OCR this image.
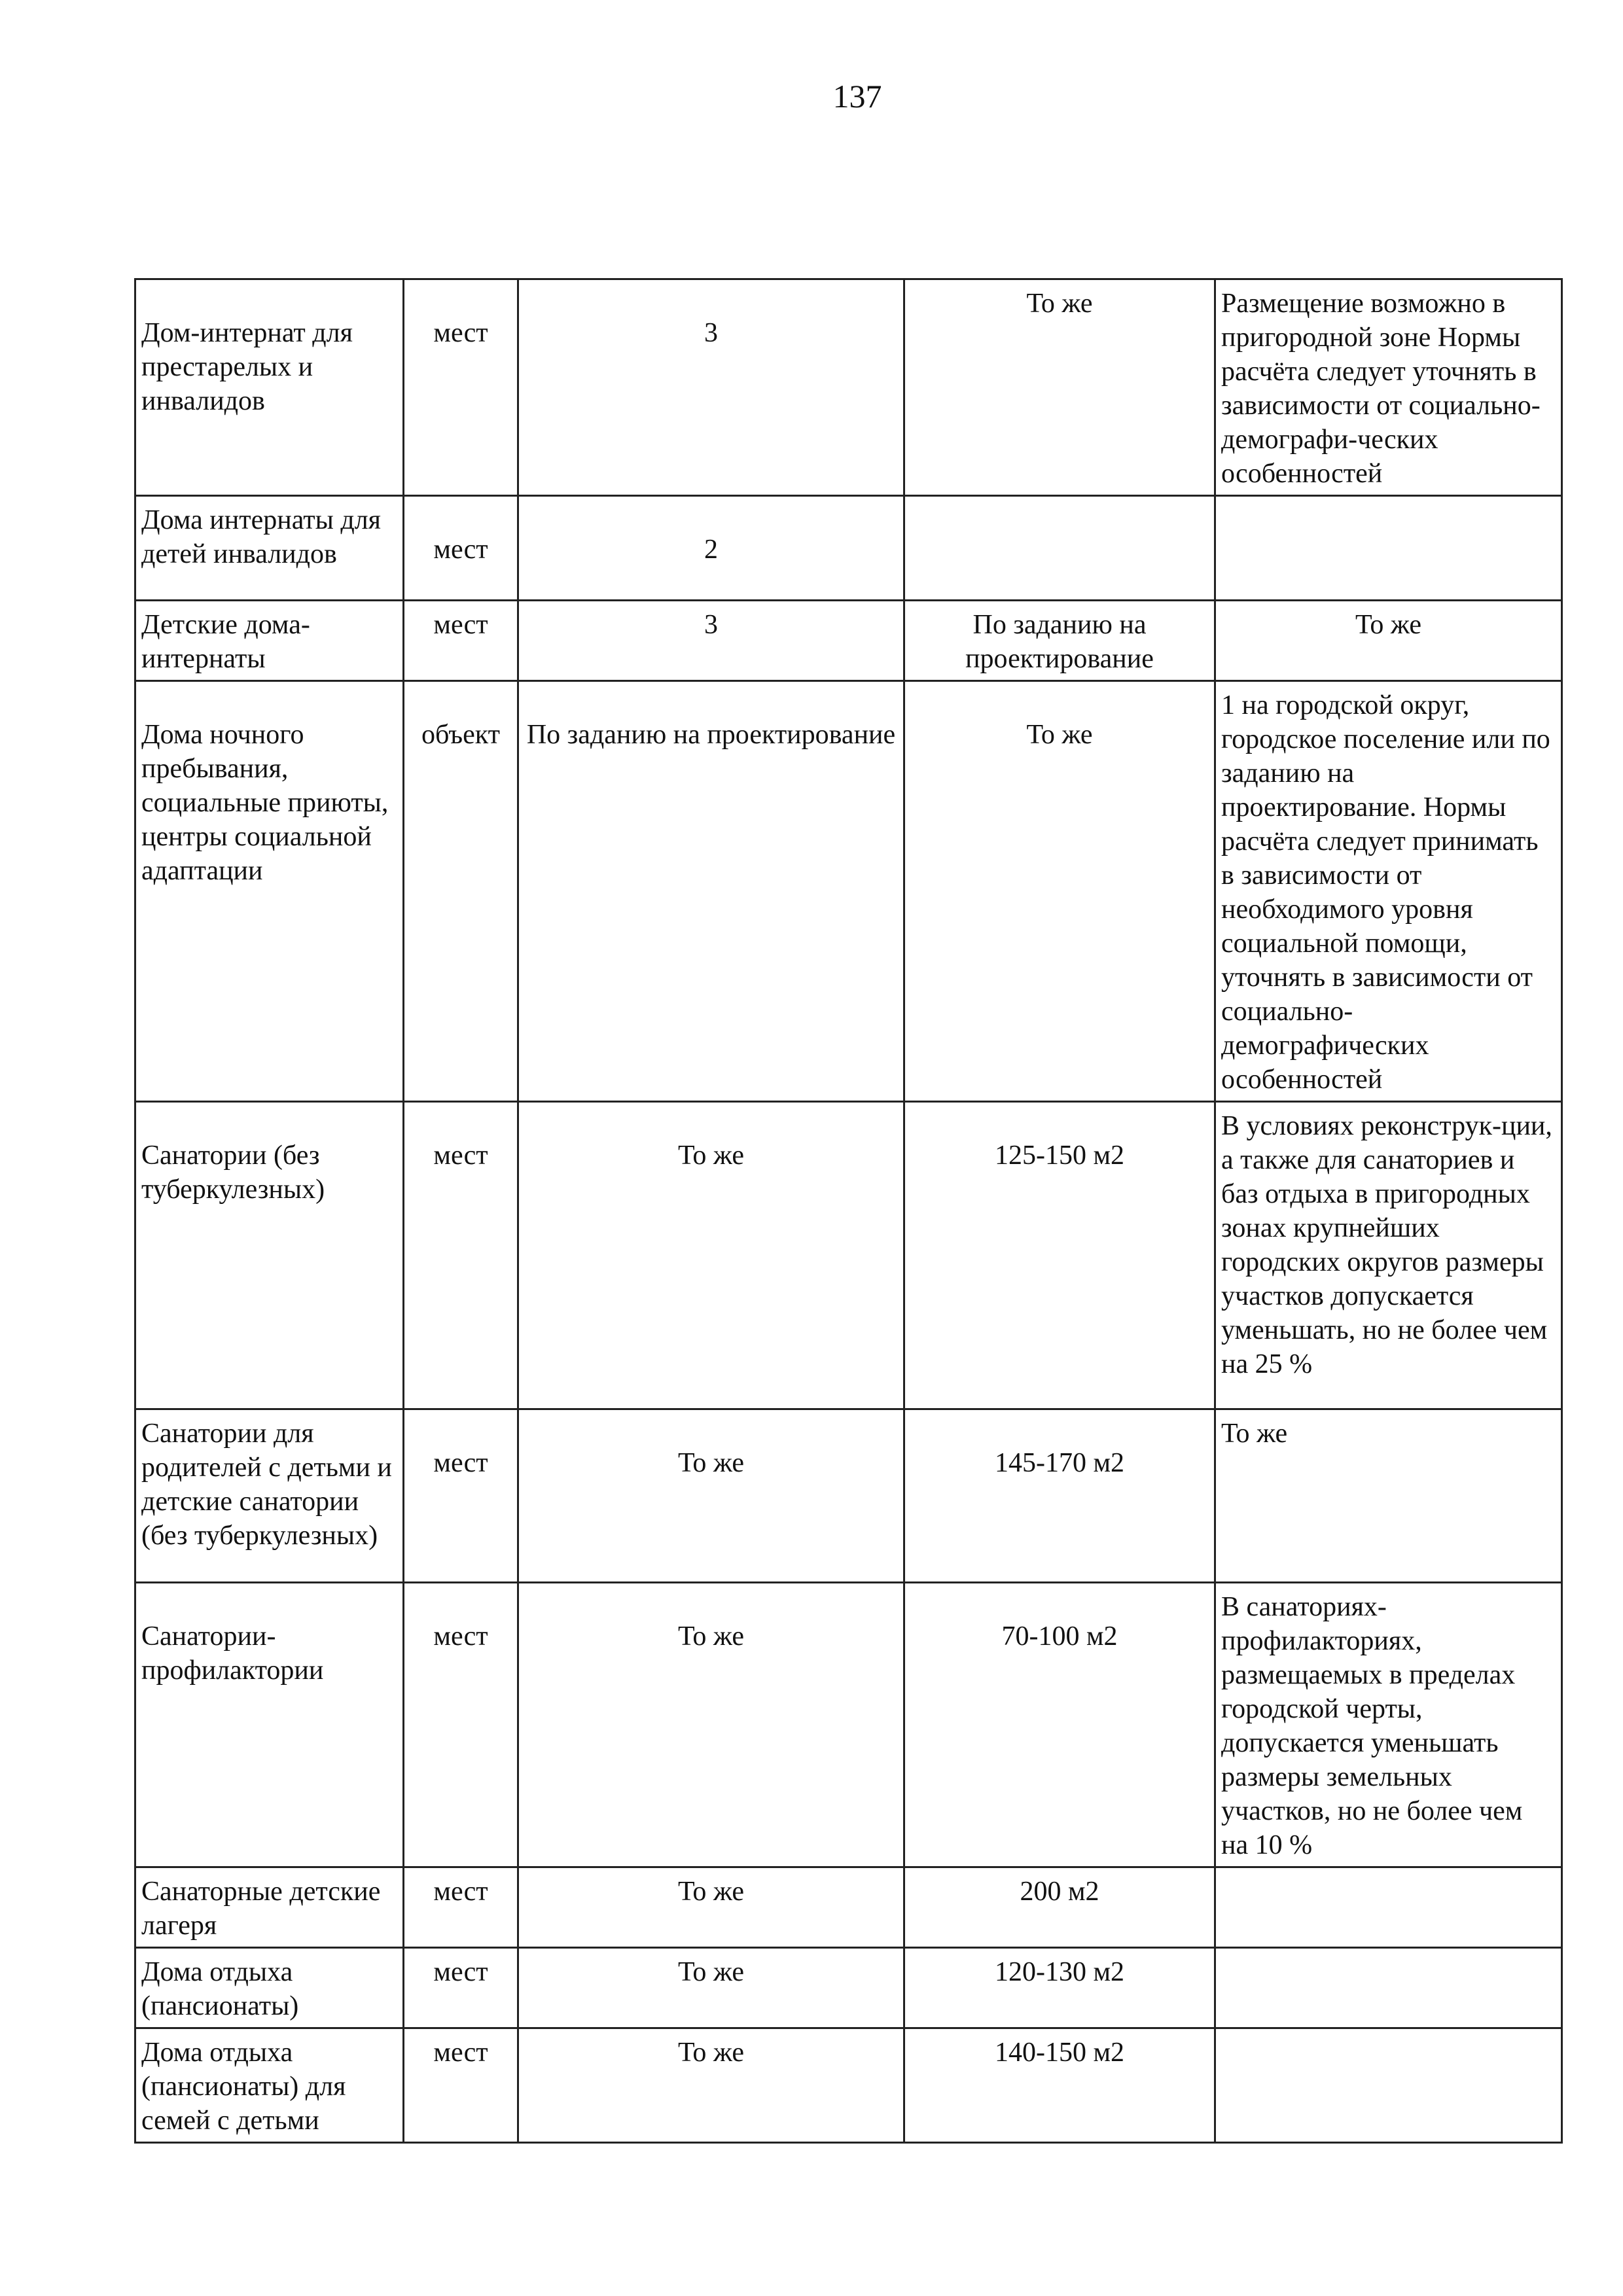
137
Дом-интернат для престарелых и инвалидов	мест	3	То же	Размещение возможно в пригородной зоне Нормы расчёта следует уточнять в зависимости от социально-демографи-ческих особенностей
Дома интернаты для детей инвалидов	мест	2		
Детские дома-интернаты	мест	3	По заданию на проектирование	То же
Дома ночного пребывания, социальные приюты, центры социальной адаптации	объект	По заданию на проектирование	То же	1 на городской округ, городское поселение или по заданию на проектирование. Нормы расчёта следует принимать в зависимости от необходимого уровня социальной помощи, уточнять в зависимости от социально-демографических особенностей
Санатории (без туберкулезных)	мест	То же	125-150 м2	В условиях реконструк-ции, а также для санаториев и баз отдыха в пригородных зонах крупнейших городских округов размеры участков допускается уменьшать, но не более чем на 25 %
Санатории для родителей с детьми и детские санатории (без туберкулезных)	мест	То же	145-170 м2	То же
Санатории-профилактории	мест	То же	70-100 м2	В санаториях-профилакториях, размещаемых в пределах городской черты, допускается уменьшать размеры земельных участков, но не более чем на 10 %
Санаторные детские лагеря	мест	То же	200 м2	
Дома отдыха (пансионаты)	мест	То же	120-130 м2	
Дома отдыха (пансионаты) для семей с детьми	мест	То же	140-150 м2	
